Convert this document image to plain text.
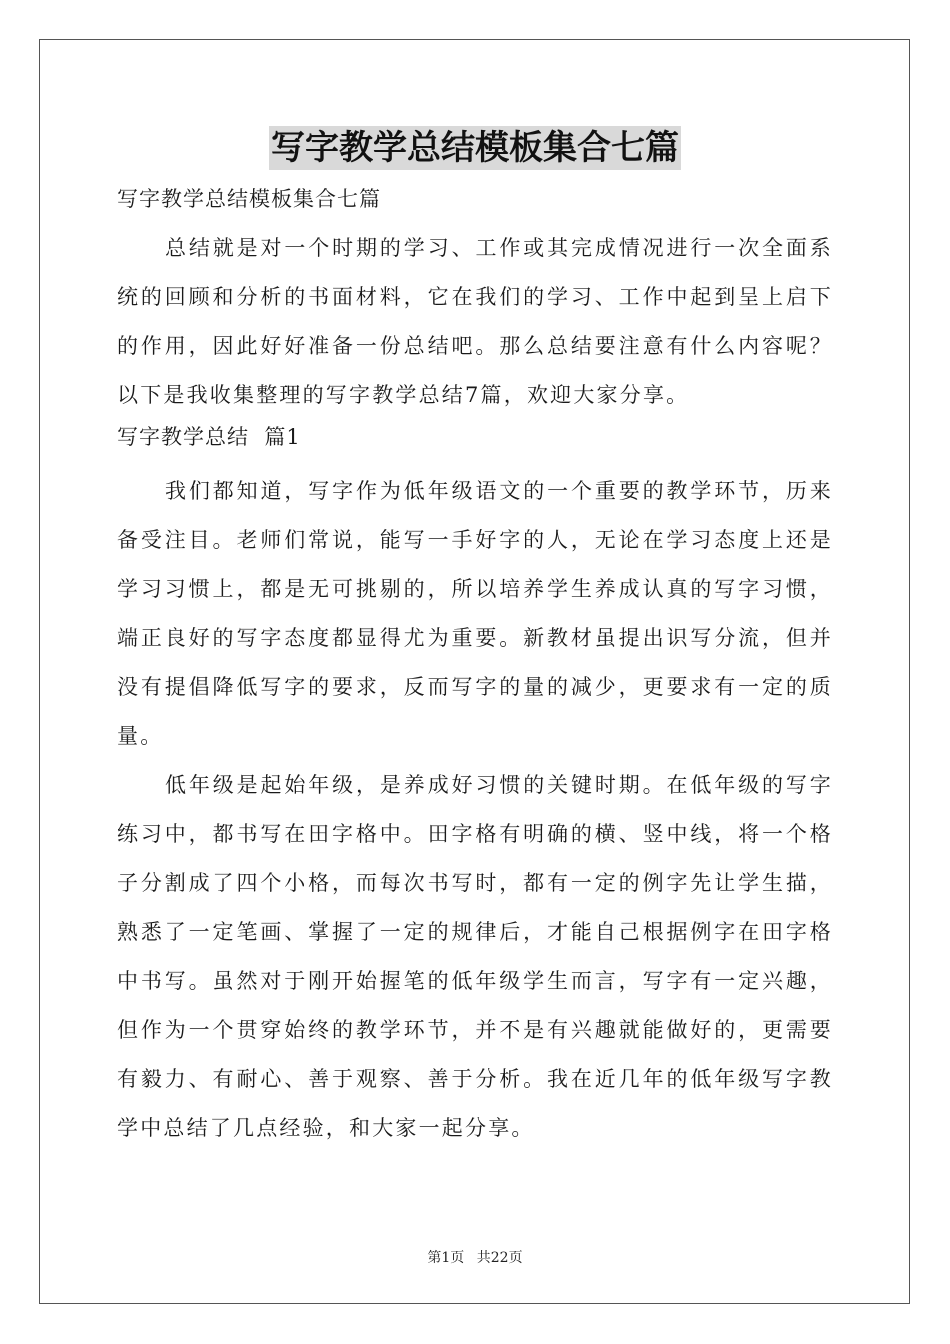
写字教学总结模板集合七篇

写字教学总结模板集合七篇

总结就是对一个时期的学习、工作或其完成情况进行一次全面系统的回顾和分析的书面材料，它在我们的学习、工作中起到呈上启下的作用，因此好好准备一份总结吧。那么总结要注意有什么内容呢？以下是我收集整理的写字教学总结7篇，欢迎大家分享。

写字教学总结  篇1

我们都知道，写字作为低年级语文的一个重要的教学环节，历来备受注目。老师们常说，能写一手好字的人，无论在学习态度上还是学习习惯上，都是无可挑剔的，所以培养学生养成认真的写字习惯，端正良好的写字态度都显得尤为重要。新教材虽提出识写分流，但并没有提倡降低写字的要求，反而写字的量的减少，更要求有一定的质量。

低年级是起始年级，是养成好习惯的关键时期。在低年级的写字练习中，都书写在田字格中。田字格有明确的横、竖中线，将一个格子分割成了四个小格，而每次书写时，都有一定的例字先让学生描，熟悉了一定笔画、掌握了一定的规律后，才能自己根据例字在田字格中书写。虽然对于刚开始握笔的低年级学生而言，写字有一定兴趣，但作为一个贯穿始终的教学环节，并不是有兴趣就能做好的，更需要有毅力、有耐心、善于观察、善于分析。我在近几年的低年级写字教学中总结了几点经验，和大家一起分享。

第1页 共22页
